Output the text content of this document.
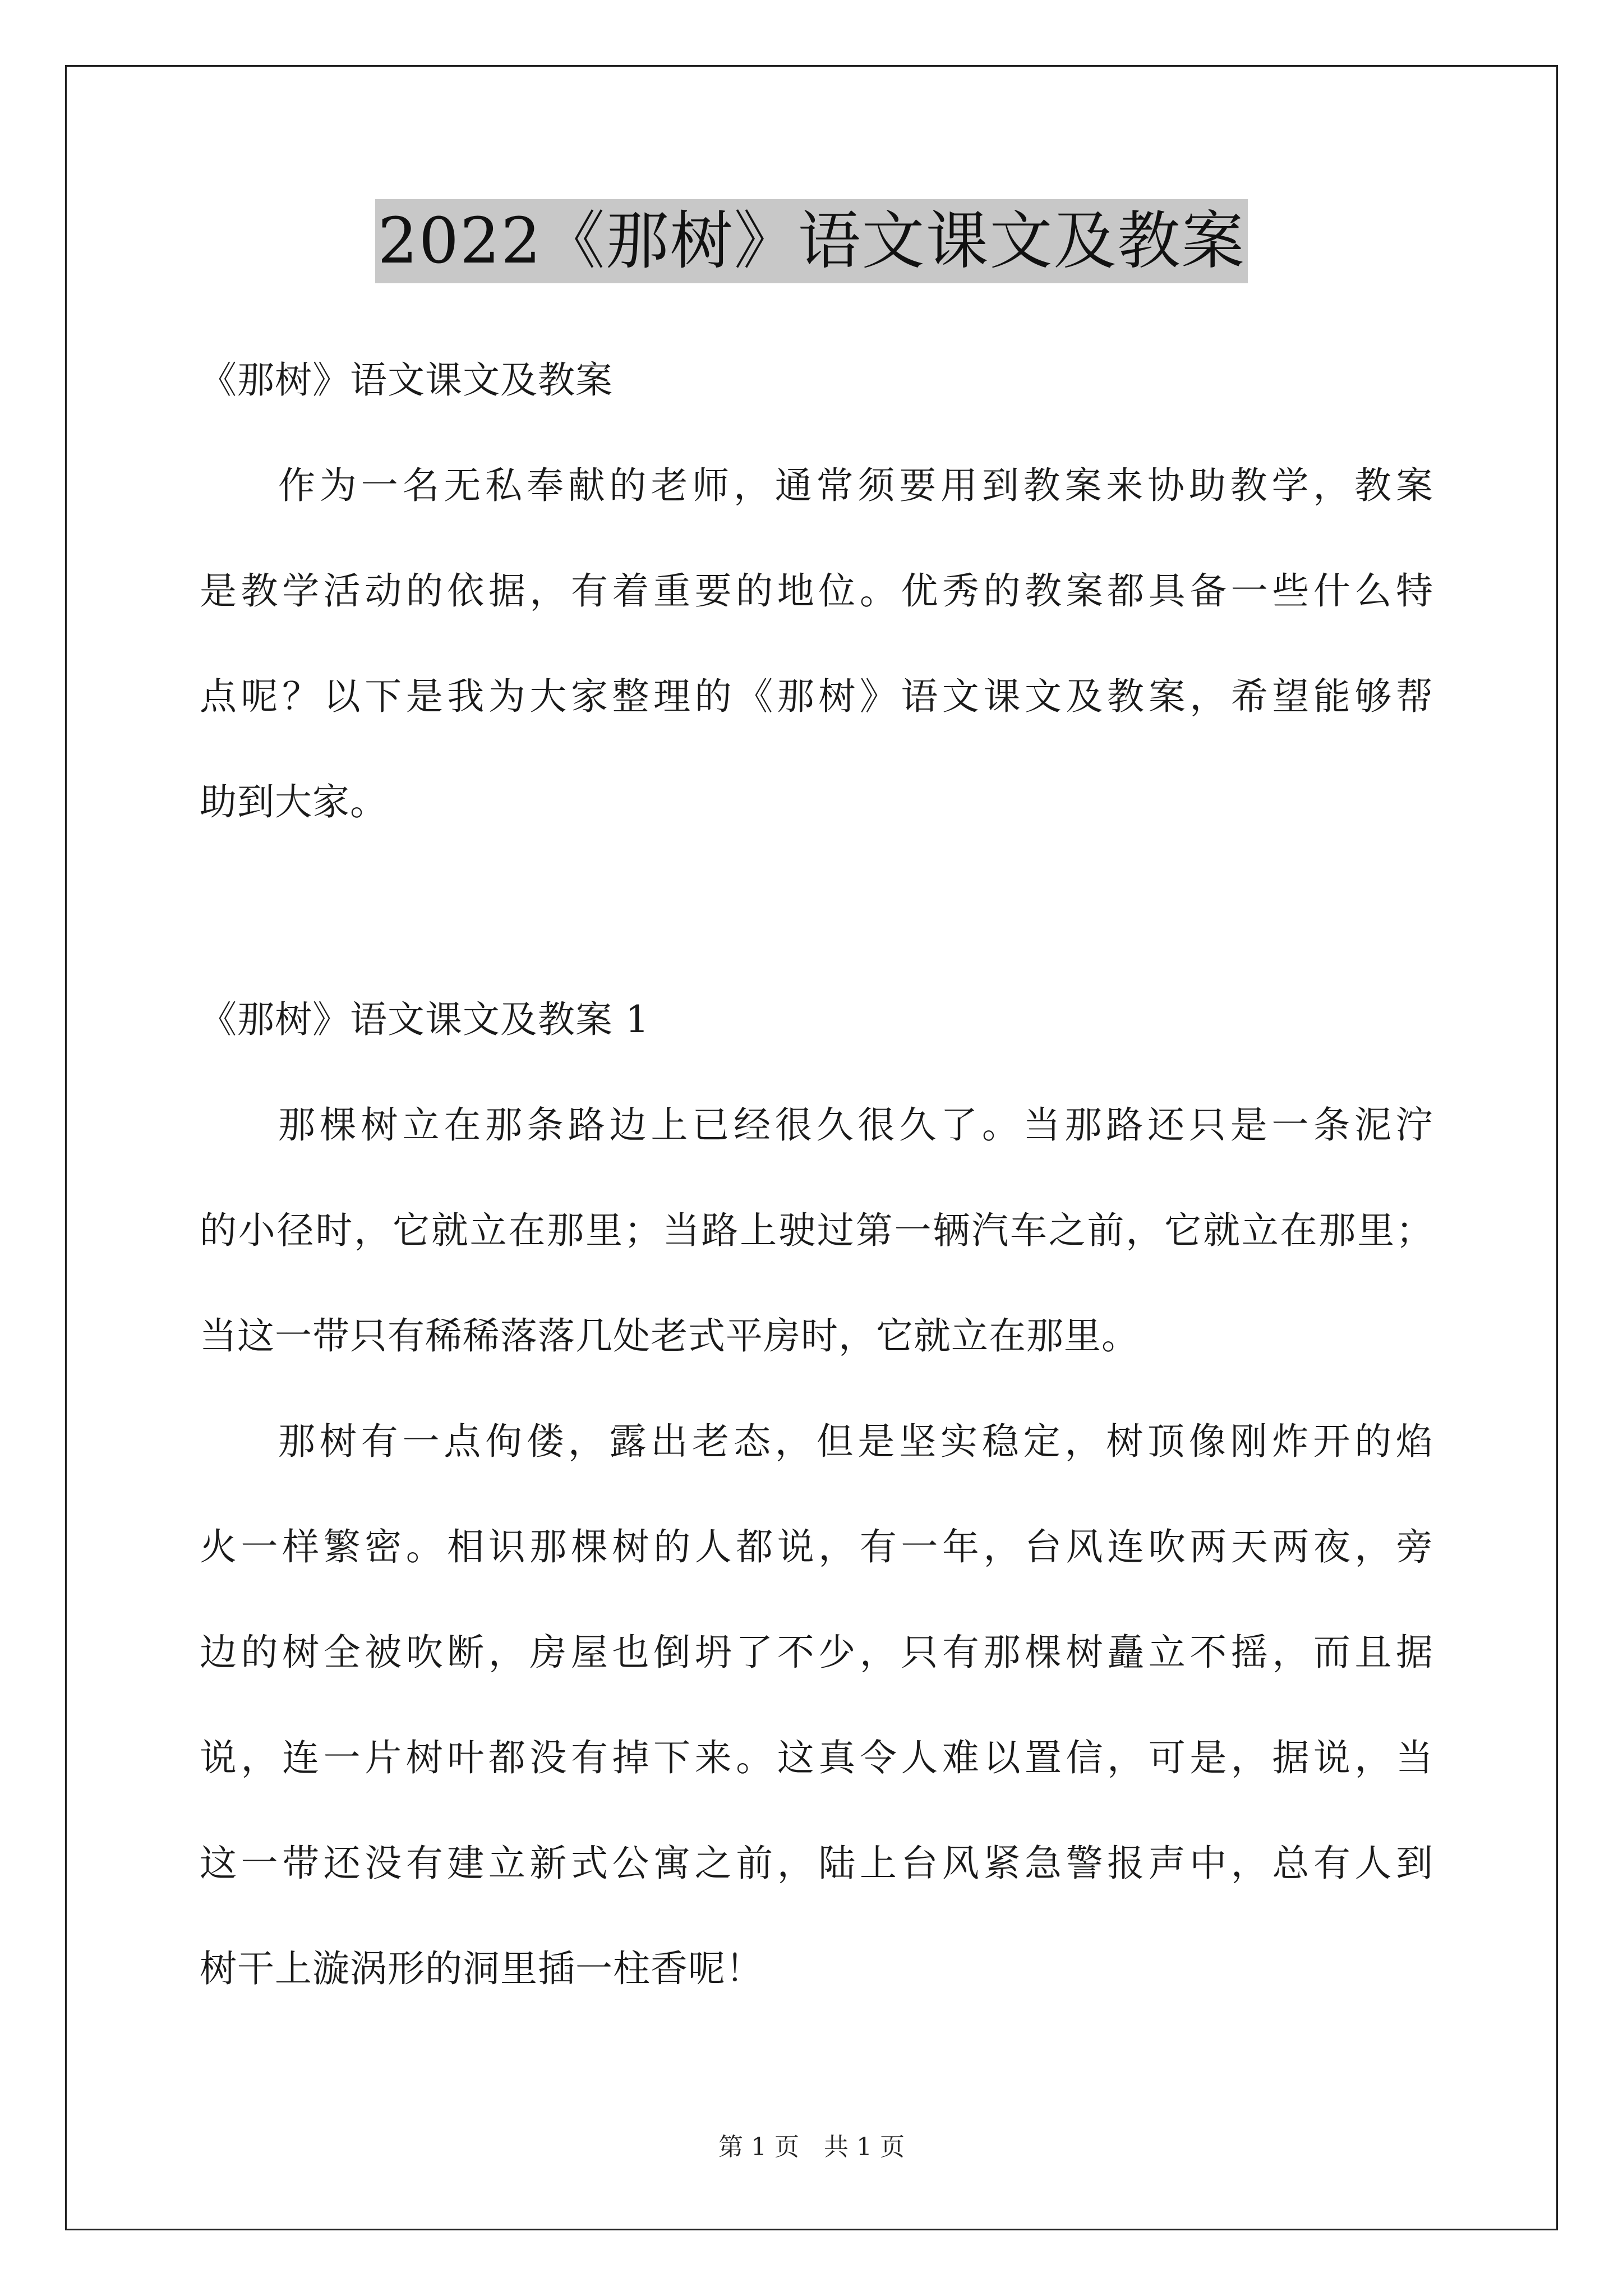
2022《那树》语文课文及教案
《那树》语文课文及教案
作为一名无私奉献的老师，通常须要用到教案来协助教学，教案
是教学活动的依据，有着重要的地位。优秀的教案都具备一些什么特
点呢？以下是我为大家整理的《那树》语文课文及教案，希望能够帮
助到大家。
《那树》语文课文及教案 1
那棵树立在那条路边上已经很久很久了。当那路还只是一条泥泞
的小径时，它就立在那里；当路上驶过第一辆汽车之前，它就立在那里；
当这一带只有稀稀落落几处老式平房时，它就立在那里。
那树有一点佝偻，露出老态，但是坚实稳定，树顶像刚炸开的焰
火一样繁密。相识那棵树的人都说，有一年，台风连吹两天两夜，旁
边的树全被吹断，房屋也倒坍了不少，只有那棵树矗立不摇，而且据
说，连一片树叶都没有掉下来。这真令人难以置信，可是，据说，当
这一带还没有建立新式公寓之前，陆上台风紧急警报声中，总有人到
树干上漩涡形的洞里插一柱香呢！
第 1 页　共 1 页
